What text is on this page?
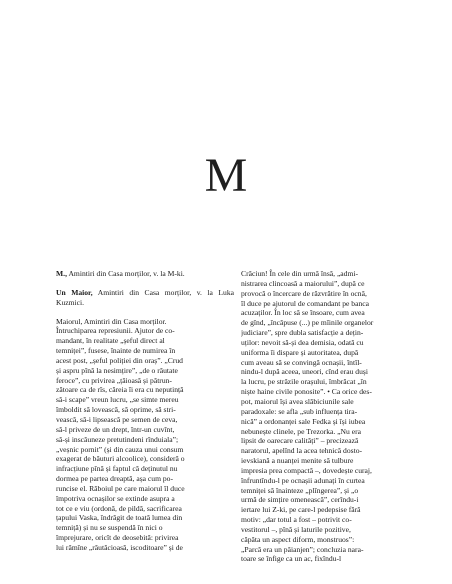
M
M., Amintiri din Casa morților, v. la M-ki.
Un Maior, Amintiri din Casa morților, v. la Luka Kuzmici.
Maiorul, Amintiri din Casa morților.
Întruchiparea represiunii. Ajutor de co-
mandant, în realitate „șeful direct al
temniței”, fusese, înainte de numirea în
acest post, „șeful poliției din oraș”. „Crud
și aspru pînă la nesimțire”, „de o răutate
feroce”, cu privirea „țâioasă și pătrun-
zătoare ca de rîs, căreia îi era cu neputință
să-i scape” vreun lucru, „se simte mereu
îmboldit să lovească, să oprime, să stri-
vească, să-i lipsească pe semen de ceva,
să-l priveze de un drept, într-un cuvînt,
să-și inscăuneze pretutindeni rînduiala”;
„veșnic pornit” (și din cauza unui consum
exagerat de băuturi alcoolice), consideră o
infracțiune pînă și faptul că deținutul nu
dormea pe partea dreaptă, așa cum po-
runcise el. Răboiul pe care maiorul îl duce
împotriva ocnașilor se extinde asupra a
tot ce e viu (ordonă, de pildă, sacrificarea
țapului Vaska, îndrăgit de toată lumea din
temniță) și nu se suspendă în nici o
împrejurare, oricît de deosebită: privirea
lui rămîne „răutăcioasă, iscoditoare” și de
Crăciun! În cele din urmă însă, „admi-
nistrarea clincoasă a maiorului”, după ce
provocă o încercare de răzvrătire în ocnă,
îl duce pe ajutorul de comandant pe banca
acuzaților. În loc să se însoare, cum avea
de gînd, „încăpuse (...) pe mîinile organelor
judiciare”, spre dubla satisfacție a dețin-
uților: nevoit să-și dea demisia, odată cu
uniforma îi dispare și autoritatea, după
cum aveau să se convingă ocnașii, întîl-
nindu-l după aceea, uneori, cînd erau duși
la lucru, pe străzile orașului, îmbrăcat „în
niște haine civile ponosite”. • Ca orice des-
pot, maiorul își avea slăbiciunile sale
paradoxale: se afla „sub influența tira-
nică” a ordonanței sale Fedka și își iubea
nebunește clinele, pe Trezorka. „Nu era
lipsit de oarecare calități” – precizează
naratorul, apelînd la acea tehnică dosto-
ievskiană a nuanței menite să tulbure
impresia prea compactă –, dovedește curaj,
înfruntîndu-l pe ocnașii adunați în curtea
temniței să înainteze „plîngerea”, și „o
urmă de simțire omenească”, cerîndu-i
iertare lui Z-ki, pe care-l pedepsise fără
motiv: „dar totul a fost – potrivit co-
vestitorul –, pînă și laturile pozitive,
căpăta un aspect diform, monstruos”:
„Parcă era un păianjen”; concluzia nara-
toare se înfige ca un ac, fixîndu-l
